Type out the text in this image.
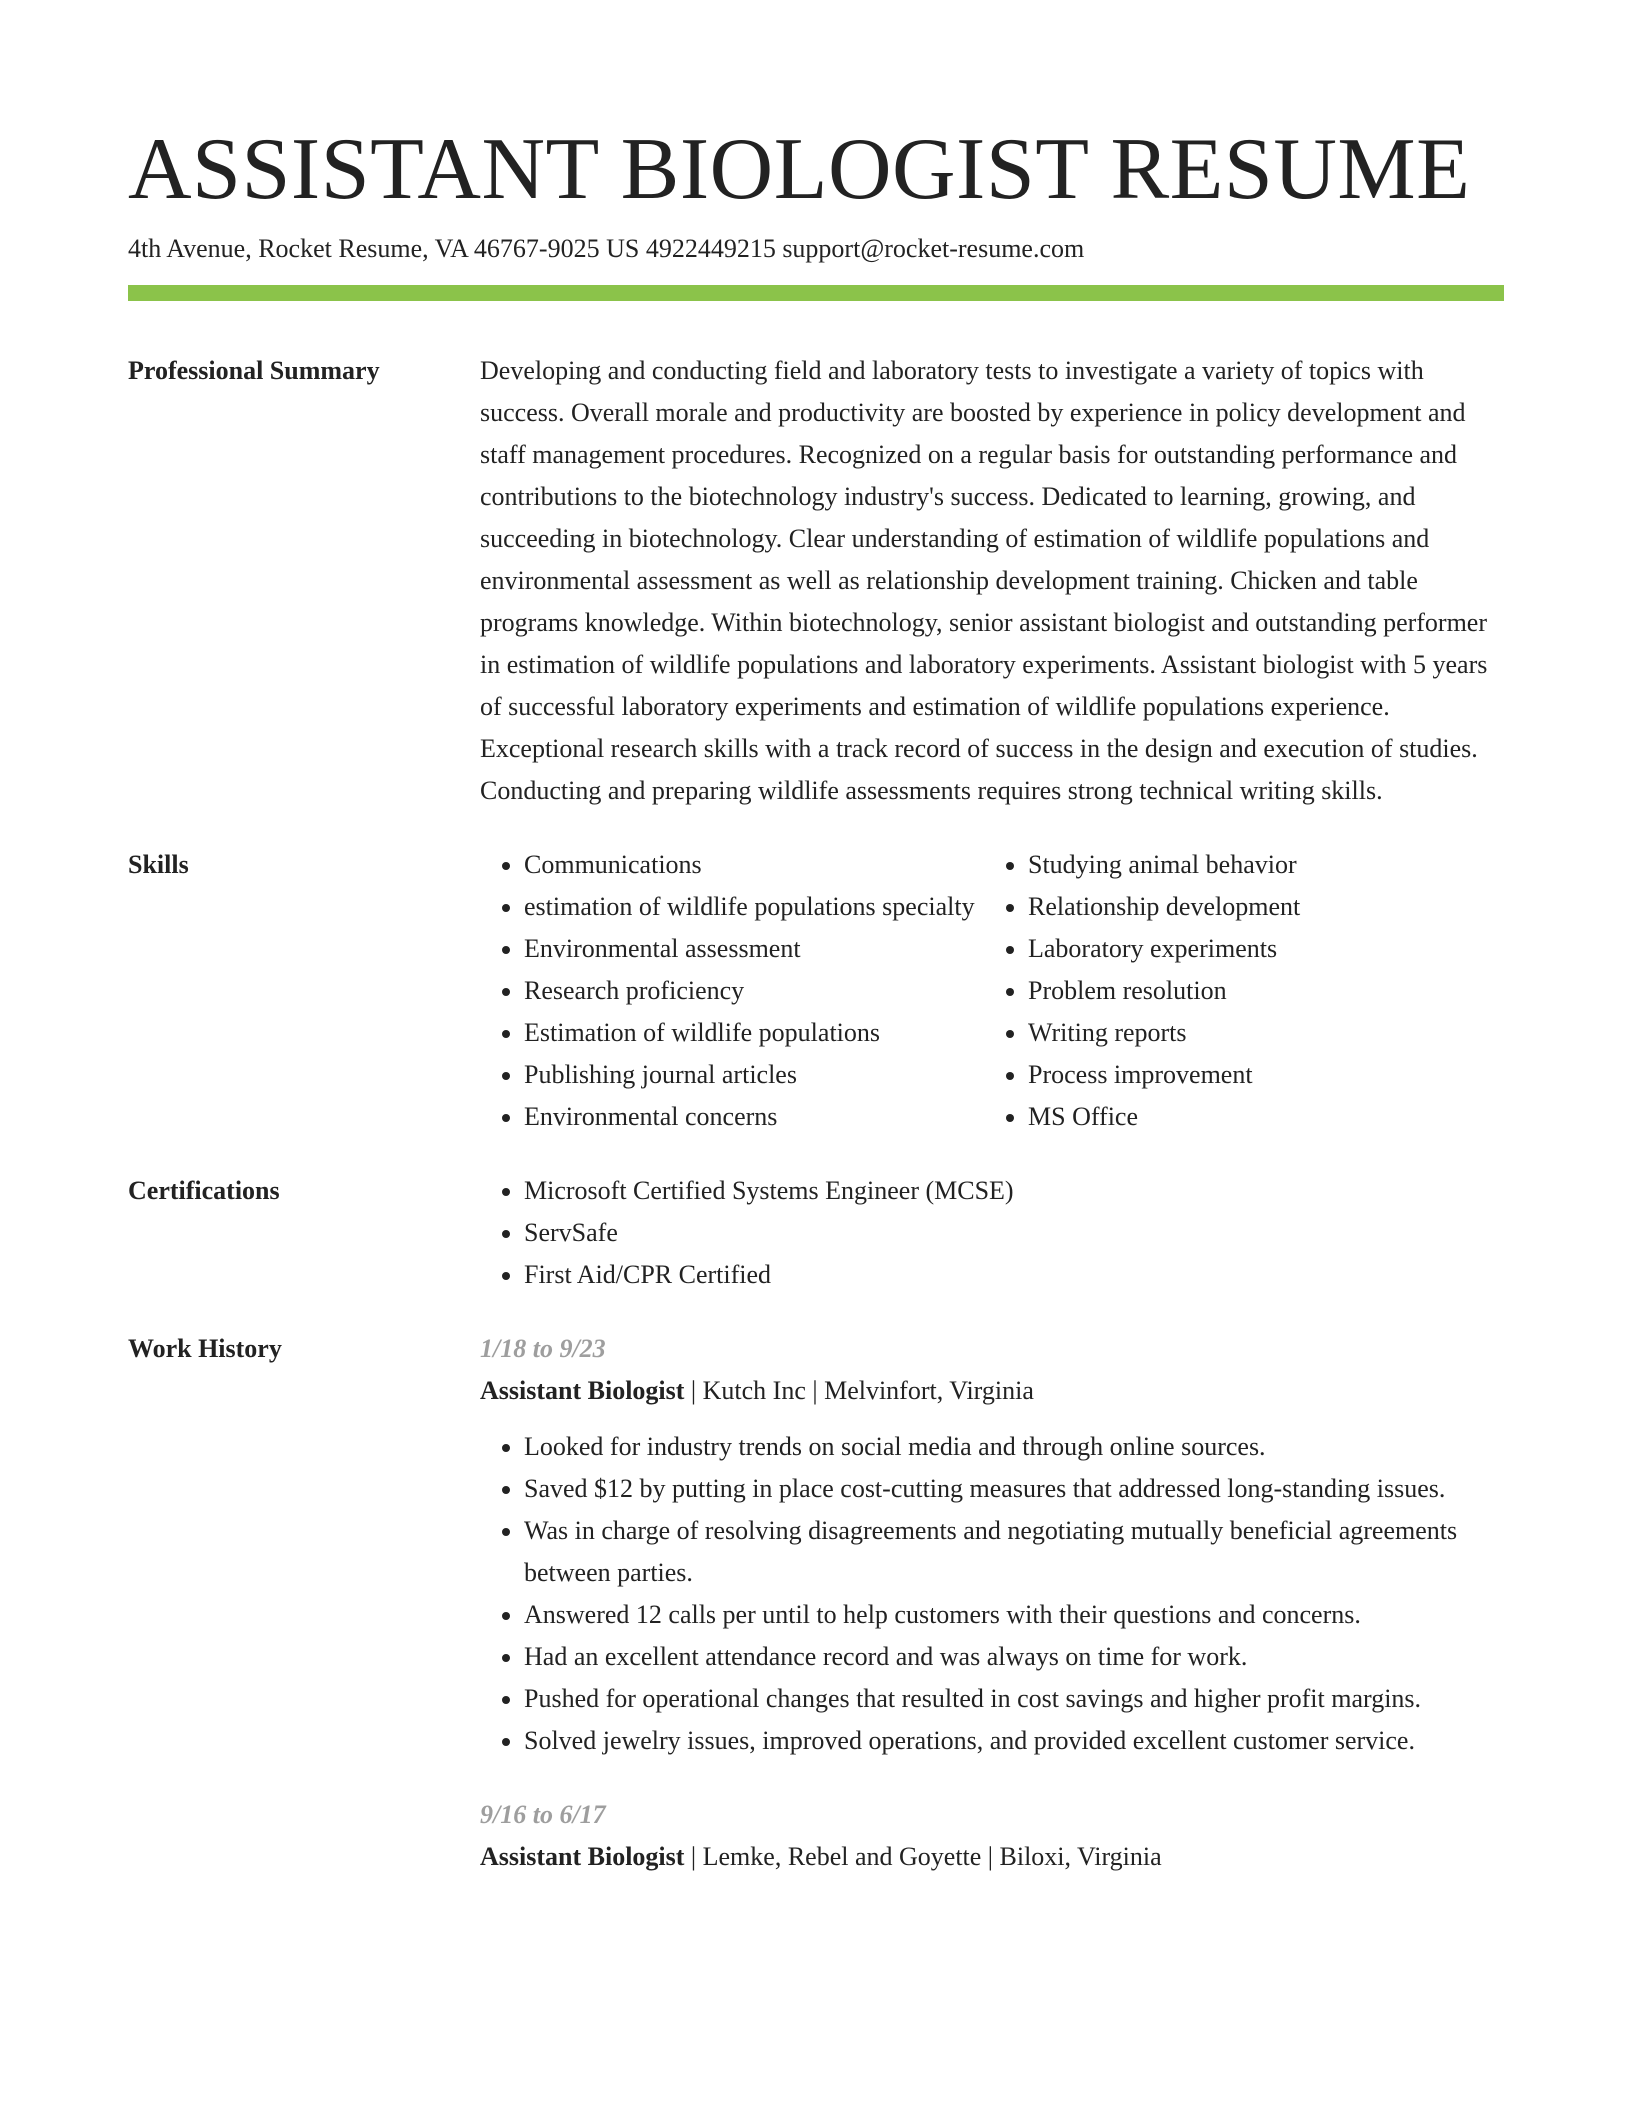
ASSISTANT BIOLOGIST RESUME
4th Avenue, Rocket Resume, VA 46767-9025 US 4922449215 support@rocket-resume.com
Professional Summary	Developing and conducting field and laboratory tests to investigate a variety of topics with success. Overall morale and productivity are boosted by experience in policy development and staff management procedures. Recognized on a regular basis for outstanding performance and contributions to the biotechnology industry's success. Dedicated to learning, growing, and succeeding in biotechnology. Clear understanding of estimation of wildlife populations and environmental assessment as well as relationship development training. Chicken and table programs knowledge. Within biotechnology, senior assistant biologist and outstanding performer in estimation of wildlife populations and laboratory experiments. Assistant biologist with 5 years of successful laboratory experiments and estimation of wildlife populations experience. Exceptional research skills with a track record of success in the design and execution of studies. Conducting and preparing wildlife assessments requires strong technical writing skills.

Skills	• Communications
• estimation of wildlife populations specialty
• Environmental assessment
• Research proficiency
• Estimation of wildlife populations
• Publishing journal articles
• Environmental concerns
• Studying animal behavior
• Relationship development
• Laboratory experiments
• Problem resolution
• Writing reports
• Process improvement
• MS Office
Certifications	• Microsoft Certified Systems Engineer (MCSE)
• ServSafe
• First Aid/CPR Certified
Work History	1/18 to 9/23
Assistant Biologist | Kutch Inc | Melvinfort, Virginia
• Looked for industry trends on social media and through online sources.
• Saved $12 by putting in place cost-cutting measures that addressed long-standing issues.
• Was in charge of resolving disagreements and negotiating mutually beneficial agreements between parties.
• Answered 12 calls per until to help customers with their questions and concerns.
• Had an excellent attendance record and was always on time for work.
• Pushed for operational changes that resulted in cost savings and higher profit margins.
• Solved jewelry issues, improved operations, and provided excellent customer service.
9/16 to 6/17
Assistant Biologist | Lemke, Rebel and Goyette | Biloxi, Virginia
